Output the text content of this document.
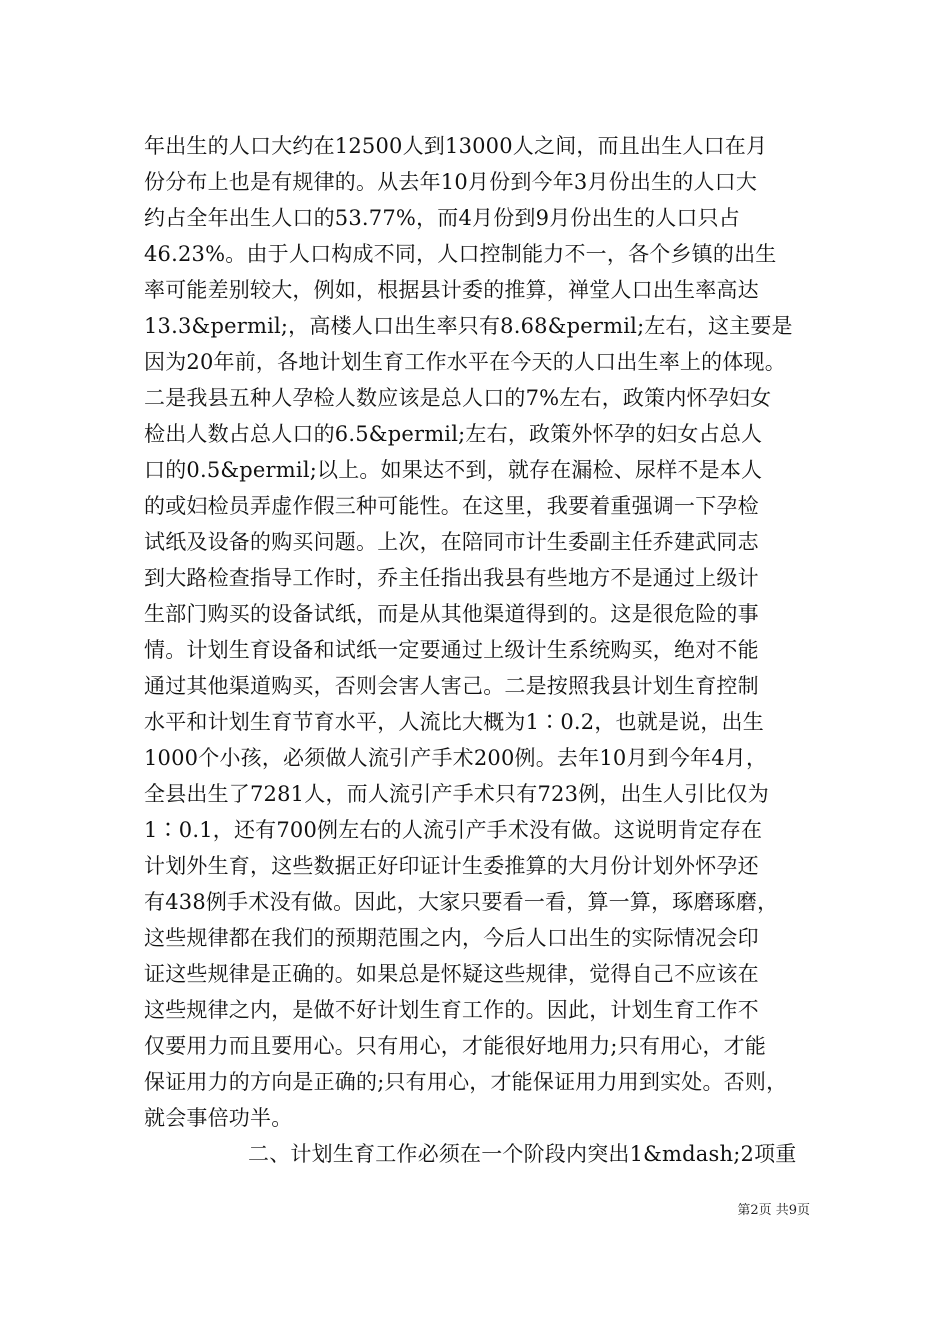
年出生的人口大约在12500人到13000人之间，而且出生人口在月
份分布上也是有规律的。从去年10月份到今年3月份出生的人口大
约占全年出生人口的53.77%，而4月份到9月份出生的人口只占
46.23%。由于人口构成不同，人口控制能力不一，各个乡镇的出生
率可能差别较大，例如，根据县计委的推算，禅堂人口出生率高达
13.3&permil;，高楼人口出生率只有8.68&permil;左右，这主要是
因为20年前，各地计划生育工作水平在今天的人口出生率上的体现。
二是我县五种人孕检人数应该是总人口的7%左右，政策内怀孕妇女
检出人数占总人口的6.5&permil;左右，政策外怀孕的妇女占总人
口的0.5&permil;以上。如果达不到，就存在漏检、尿样不是本人
的或妇检员弄虚作假三种可能性。在这里，我要着重强调一下孕检
试纸及设备的购买问题。上次，在陪同市计生委副主任乔建武同志
到大路检查指导工作时，乔主任指出我县有些地方不是通过上级计
生部门购买的设备试纸，而是从其他渠道得到的。这是很危险的事
情。计划生育设备和试纸一定要通过上级计生系统购买，绝对不能
通过其他渠道购买，否则会害人害己。二是按照我县计划生育控制
水平和计划生育节育水平，人流比大概为1∶0.2，也就是说，出生
1000个小孩，必须做人流引产手术200例。去年10月到今年4月，
全县出生了7281人，而人流引产手术只有723例，出生人引比仅为
1∶0.1，还有700例左右的人流引产手术没有做。这说明肯定存在
计划外生育，这些数据正好印证计生委推算的大月份计划外怀孕还
有438例手术没有做。因此，大家只要看一看，算一算，琢磨琢磨，
这些规律都在我们的预期范围之内，今后人口出生的实际情况会印
证这些规律是正确的。如果总是怀疑这些规律，觉得自己不应该在
这些规律之内，是做不好计划生育工作的。因此，计划生育工作不
仅要用力而且要用心。只有用心，才能很好地用力;只有用心，才能
保证用力的方向是正确的;只有用心，才能保证用力用到实处。否则，
就会事倍功半。
二、计划生育工作必须在一个阶段内突出1&mdash;2项重
第2页 共9页
